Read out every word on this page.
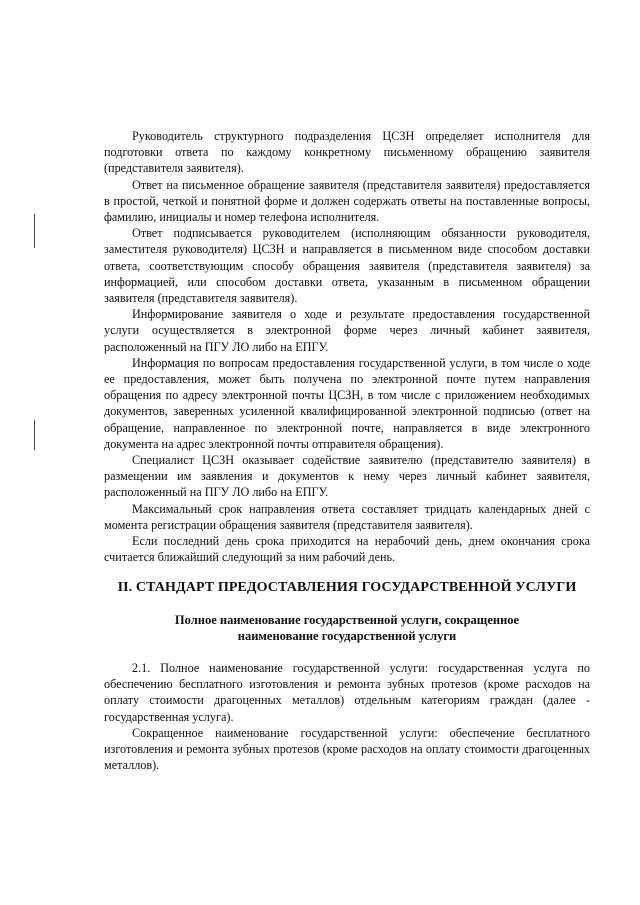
Руководитель структурного подразделения ЦСЗН определяет исполнителя для подготовки ответа по каждому конкретному письменному обращению заявителя (представителя заявителя).

Ответ на письменное обращение заявителя (представителя заявителя) предоставляется в простой, четкой и понятной форме и должен содержать ответы на поставленные вопросы, фамилию, инициалы и номер телефона исполнителя.

Ответ подписывается руководителем (исполняющим обязанности руководителя, заместителя руководителя) ЦСЗН и направляется в письменном виде способом доставки ответа, соответствующим способу обращения заявителя (представителя заявителя) за информацией, или способом доставки ответа, указанным в письменном обращении заявителя (представителя заявителя).

Информирование заявителя о ходе и результате предоставления государственной услуги осуществляется в электронной форме через личный кабинет заявителя, расположенный на ПГУ ЛО либо на ЕПГУ.

Информация по вопросам предоставления государственной услуги, в том числе о ходе ее предоставления, может быть получена по электронной почте путем направления обращения по адресу электронной почты ЦСЗН, в том числе с приложением необходимых документов, заверенных усиленной квалифицированной электронной подписью (ответ на обращение, направленное по электронной почте, направляется в виде электронного документа на адрес электронной почты отправителя обращения).

Специалист ЦСЗН оказывает содействие заявителю (представителю заявителя) в размещении им заявления и документов к нему через личный кабинет заявителя, расположенный на ПГУ ЛО либо на ЕПГУ.

Максимальный срок направления ответа составляет тридцать календарных дней с момента регистрации обращения заявителя (представителя заявителя).

Если последний день срока приходится на нерабочий день, днем окончания срока считается ближайший следующий за ним рабочий день.

II. СТАНДАРТ ПРЕДОСТАВЛЕНИЯ ГОСУДАРСТВЕННОЙ УСЛУГИ
Полное наименование государственной услуги, сокращенное наименование государственной услуги

2.1. Полное наименование государственной услуги: государственная услуга по обеспечению бесплатного изготовления и ремонта зубных протезов (кроме расходов на оплату стоимости драгоценных металлов) отдельным категориям граждан (далее - государственная услуга).

Сокращенное наименование государственной услуги: обеспечение бесплатного изготовления и ремонта зубных протезов (кроме расходов на оплату стоимости драгоценных металлов).
